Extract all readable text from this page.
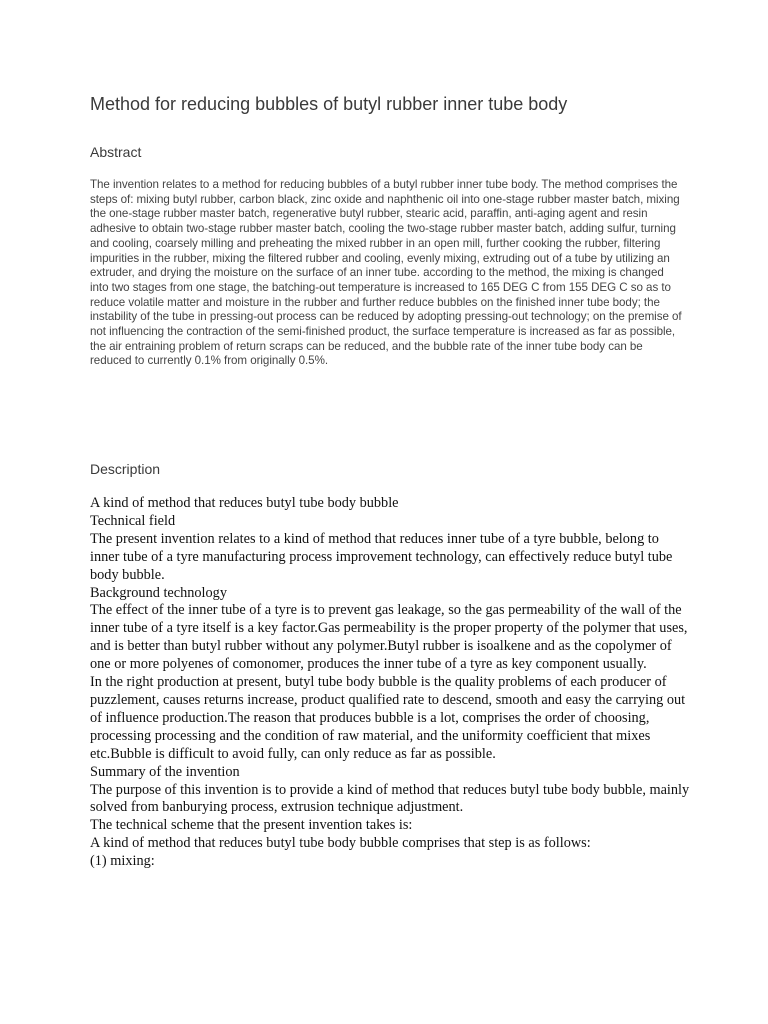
Method for reducing bubbles of butyl rubber inner tube body
Abstract

The invention relates to a method for reducing bubbles of a butyl rubber inner tube body. The method comprises the steps of: mixing butyl rubber, carbon black, zinc oxide and naphthenic oil into one-stage rubber master batch, mixing the one-stage rubber master batch, regenerative butyl rubber, stearic acid, paraffin, anti-aging agent and resin adhesive to obtain two-stage rubber master batch, cooling the two-stage rubber master batch, adding sulfur, turning and cooling, coarsely milling and preheating the mixed rubber in an open mill, further cooking the rubber, filtering impurities in the rubber, mixing the filtered rubber and cooling, evenly mixing, extruding out of a tube by utilizing an extruder, and drying the moisture on the surface of an inner tube. according to the method, the mixing is changed into two stages from one stage, the batching-out temperature is increased to 165 DEG C from 155 DEG C so as to reduce volatile matter and moisture in the rubber and further reduce bubbles on the finished inner tube body; the instability of the tube in pressing-out process can be reduced by adopting pressing-out technology; on the premise of not influencing the contraction of the semi-finished product, the surface temperature is increased as far as possible, the air entraining problem of return scraps can be reduced, and the bubble rate of the inner tube body can be reduced to currently 0.1% from originally 0.5%.

Description

A kind of method that reduces butyl tube body bubble

Technical field

The present invention relates to a kind of method that reduces inner tube of a tyre bubble, belong to inner tube of a tyre manufacturing process improvement technology, can effectively reduce butyl tube body bubble.

Background technology

The effect of the inner tube of a tyre is to prevent gas leakage, so the gas permeability of the wall of the inner tube of a tyre itself is a key factor.Gas permeability is the proper property of the polymer that uses, and is better than butyl rubber without any polymer.Butyl rubber is isoalkene and as the copolymer of one or more polyenes of comonomer, produces the inner tube of a tyre as key component usually.

In the right production at present, butyl tube body bubble is the quality problems of each producer of puzzlement, causes returns increase, product qualified rate to descend, smooth and easy the carrying out of influence production.The reason that produces bubble is a lot, comprises the order of choosing, processing processing and the condition of raw material, and the uniformity coefficient that mixes etc.Bubble is difficult to avoid fully, can only reduce as far as possible.

Summary of the invention

The purpose of this invention is to provide a kind of method that reduces butyl tube body bubble, mainly solved from banburying process, extrusion technique adjustment.

The technical scheme that the present invention takes is:

A kind of method that reduces butyl tube body bubble comprises that step is as follows:

(1) mixing:
